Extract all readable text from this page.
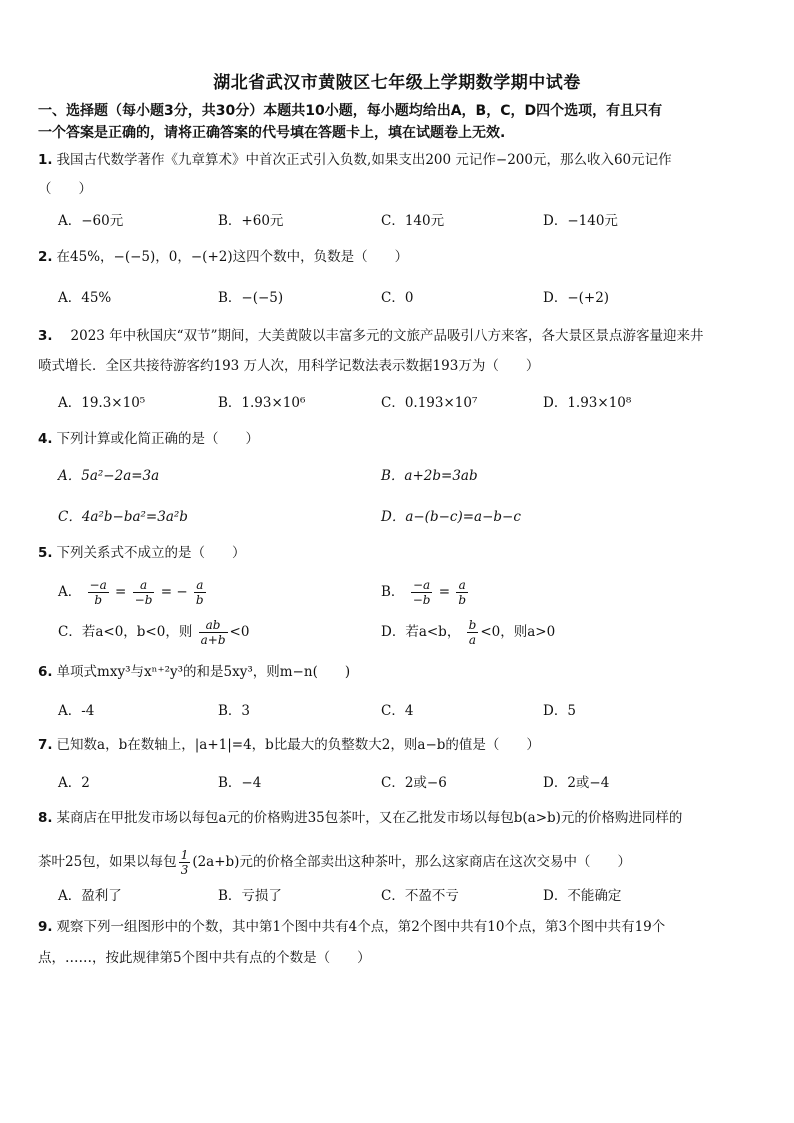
湖北省武汉市黄陂区七年级上学期数学期中试卷
一、选择题（每小题3分，共30分）本题共10小题，每小题均给出A，B，C，D四个选项，有且只有
一个答案是正确的，请将正确答案的代号填在答题卡上，填在试题卷上无效.
1. 我国古代数学著作《九章算术》中首次正式引入负数,如果支出200 元记作−200元，那么收入60元记作
（　　）
A．−60元	B．+60元	C．140元	D．−140元
2. 在45%，−(−5)，0，−(+2)这四个数中，负数是（　　）
A．45%	B．−(−5)	C．0	D．−(+2)
3. 2023 年中秋国庆“双节”期间，大美黄陂以丰富多元的文旅产品吸引八方来客，各大景区景点游客量迎来井
喷式增长．全区共接待游客约193 万人次，用科学记数法表示数据193万为（　　）
A．19.3×10⁵	B．1.93×10⁶	C．0.193×10⁷	D．1.93×10⁸
4. 下列计算或化简正确的是（　　）
A．5a²−2a=3a	B．a+2b=3ab
C．4a²b−ba²=3a²b	D．a−(b−c)=a−b−c
5. 下列关系式不成立的是（　　）
A． $\frac{-a}{b} = \frac{a}{-b}$ = − $\frac{a}{b}$	B． $\frac{-a}{-b} = \frac{a}{b}$
C．若a<0，b<0，则 $\frac{ab}{a+b} <0$	D．若a<b， $\frac{b}{a} <0$，则a>0
6. 单项式mxy³与xⁿ⁺²y³的和是5xy³，则m−n(　　)
A．-4	B．3	C．4	D．5
7. 已知数a，b在数轴上，|a+1|=4，b比最大的负整数大2，则a−b的值是（　　）
A．2	B．−4	C．2或−6	D．2或−4
8. 某商店在甲批发市场以每包a元的价格购进35包茶叶，又在乙批发市场以每包b(a>b)元的价格购进同样的
茶叶25包，如果以每包 $\frac{1}{3} (2a+b)$元的价格全部卖出这种茶叶，那么这家商店在这次交易中（　　）
A．盈利了	B．亏损了	C．不盈不亏	D．不能确定
9. 观察下列一组图形中的个数，其中第1个图中共有4个点，第2个图中共有10个点，第3个图中共有19个
点，……，按此规律第5个图中共有点的个数是（　　）
